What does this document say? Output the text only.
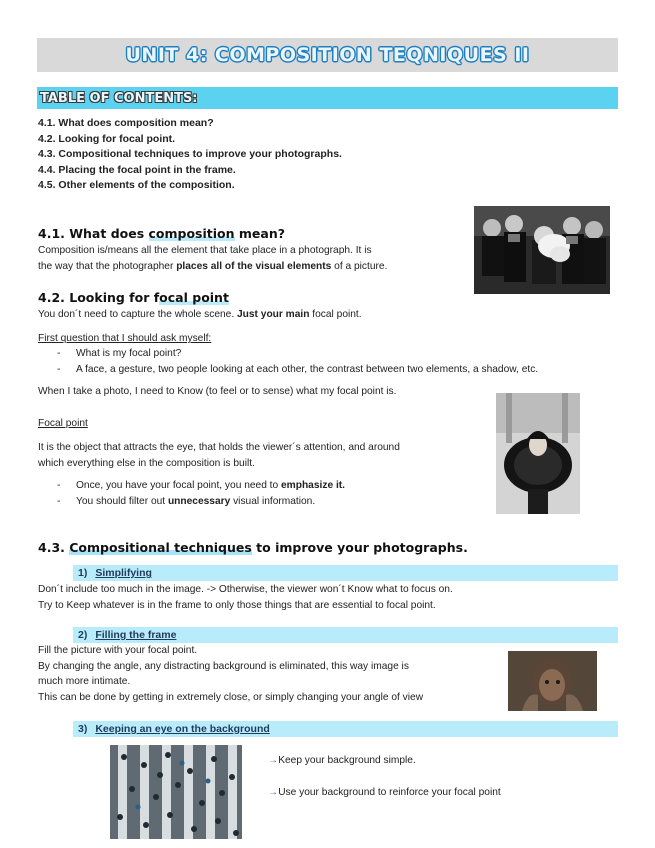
UNIT 4: COMPOSITION TEQNIQUES II
TABLE OF CONTENTS:
4.1. What does composition mean?
4.2. Looking for focal point.
4.3. Compositional techniques to improve your photographs.
4.4. Placing the focal point in the frame.
4.5. Other elements of the composition.
4.1. What does composition mean?
Composition is/means all the element that take place in a photograph. It is
the way that the photographer places all of the visual elements of a picture.
4.2. Looking for focal point
You don´t need to capture the whole scene. Just your main focal point.
First question that I should ask myself:
- What is my focal point?
- A face, a gesture, two people looking at each other, the contrast between two elements, a shadow, etc.
When I take a photo, I need to Know (to feel or to sense) what my focal point is.
Focal point
It is the object that attracts the eye, that holds the viewer´s attention, and around
which everything else in the composition is built.
- Once, you have your focal point, you need to emphasize it.
- You should filter out unnecessary visual information.
4.3. Compositional techniques to improve your photographs.
1) Simplifying
Don´t include too much in the image. -> Otherwise, the viewer won´t Know what to focus on.
Try to Keep whatever is in the frame to only those things that are essential to focal point.
2) Filling the frame
Fill the picture with your focal point.
By changing the angle, any distracting background is eliminated, this way image is
much more intimate.
This can be done by getting in extremely close, or simply changing your angle of view
3) Keeping an eye on the background
→Keep your background simple.
→Use your background to reinforce your focal point
